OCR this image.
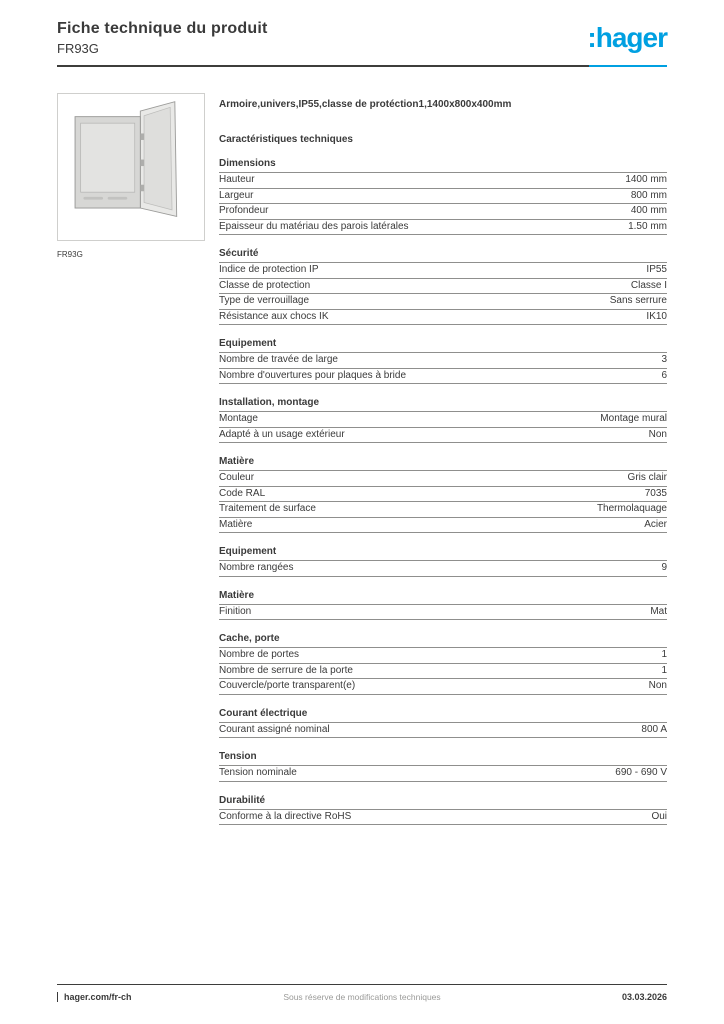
Fiche technique du produit
FR93G	:hager
FR93G
Armoire,univers,IP55,classe de protéction1,1400x800x400mm
Caractéristiques techniques
Dimensions
Hauteur	1400 mm
Largeur	800 mm
Profondeur	400 mm
Epaisseur du matériau des parois latérales	1.50 mm
Sécurité
Indice de protection IP	IP55
Classe de protection	Classe I
Type de verrouillage	Sans serrure
Résistance aux chocs IK	IK10
Equipement
Nombre de travée de large	3
Nombre d'ouvertures pour plaques à bride	6
Installation, montage
Montage	Montage mural
Adapté à un usage extérieur	Non
Matière
Couleur	Gris clair
Code RAL	7035
Traitement de surface	Thermolaquage
Matière	Acier
Equipement
Nombre rangées	9
Matière
Finition	Mat
Cache, porte
Nombre de portes	1
Nombre de serrure de la porte	1
Couvercle/porte transparent(e)	Non
Courant électrique
Courant assigné nominal	800 A
Tension
Tension nominale	690 - 690 V
Durabilité
Conforme à la directive RoHS	Oui
hager.com/fr-ch	Sous réserve de modifications techniques	03.03.2026
